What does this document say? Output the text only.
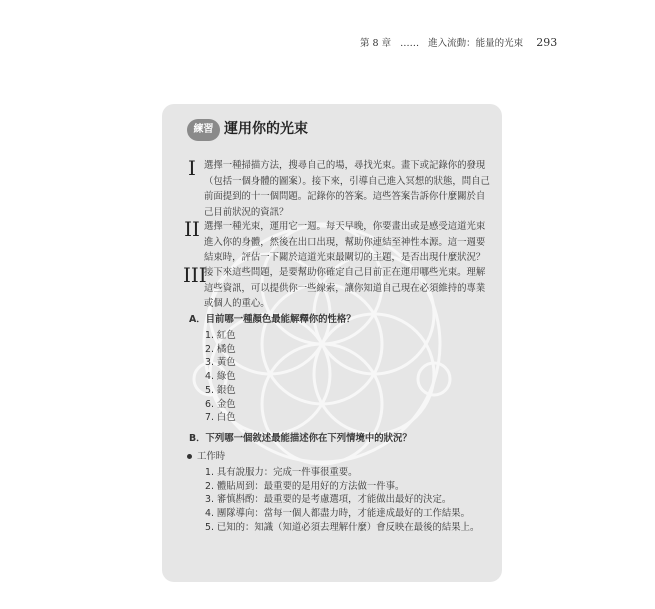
第 8 章 …… 進入流動：能量的光束 293
練習 運用你的光束
I 選擇一種掃描方法，搜尋自己的場，尋找光束。畫下或記錄你的發現
（包括一個身體的圖案）。接下來，引導自己進入冥想的狀態，問自己
前面提到的十一個問題。記錄你的答案。這些答案告訴你什麼關於自
己目前狀況的資訊？
II 選擇一種光束，運用它一週。每天早晚，你要畫出或是感受這道光束
進入你的身體，然後在出口出現，幫助你連結至神性本源。這一週要
結束時，評估一下關於這道光束最關切的主題，是否出現什麼狀況？
III
接下來這些問題，是要幫助你確定自己目前正在運用哪些光束。理解
這些資訊，可以提供你一些線索，讓你知道自己現在必須維持的專業
或個人的重心。
A．目前哪一種顏色最能解釋你的性格？
1. 紅色
2. 橘色
3. 黃色
4. 綠色
5. 銀色
6. 金色
7. 白色
B．下列哪一個敘述最能描述你在下列情境中的狀況？
工作時
1. 具有說服力：完成一件事很重要。
2. 體貼周到：最重要的是用好的方法做一件事。
3. 審慎斟酌：最重要的是考慮選項，才能做出最好的決定。
4. 團隊導向：當每一個人都盡力時，才能達成最好的工作結果。
5. 已知的：知識（知道必須去理解什麼）會反映在最後的結果上。
